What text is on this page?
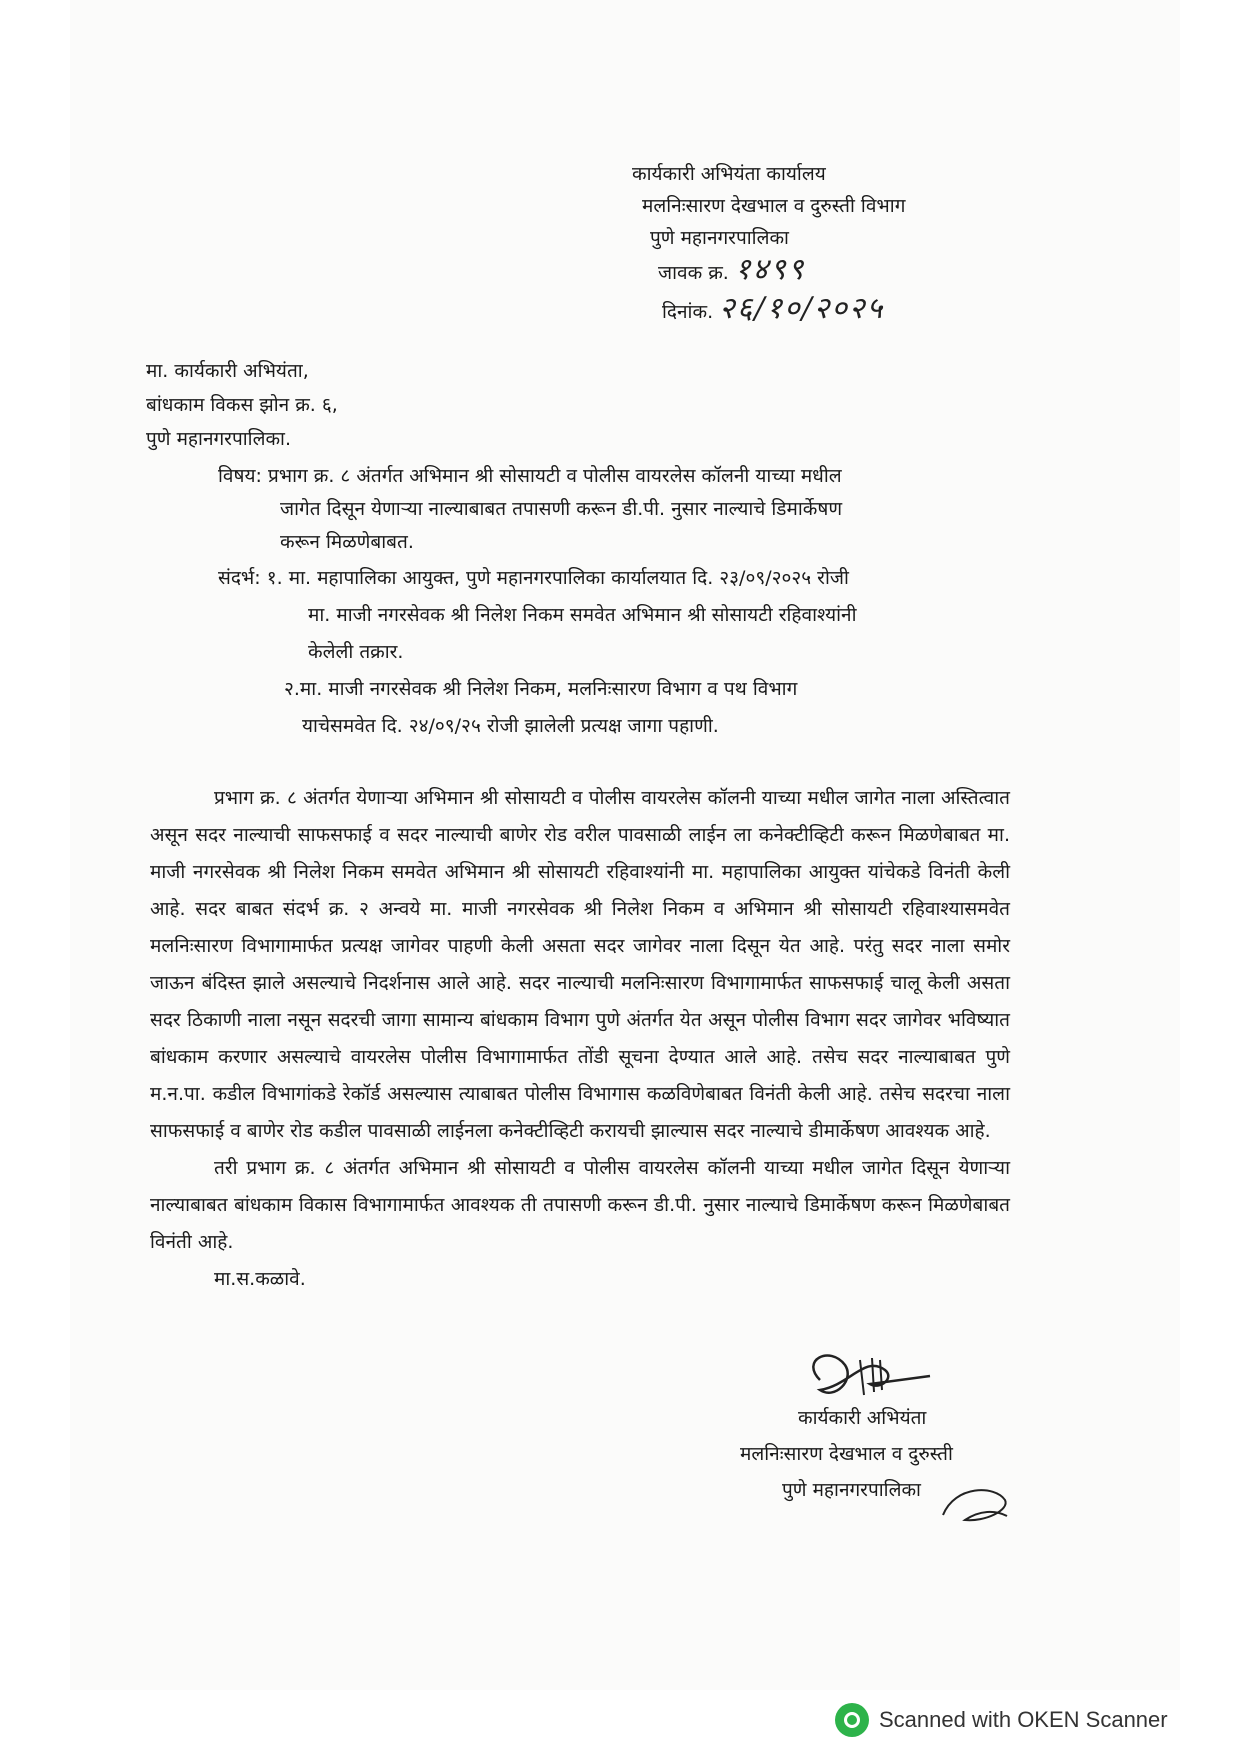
कार्यकारी अभियंता कार्यालय
मलनिःसारण देखभाल व दुरुस्ती विभाग
पुणे महानगरपालिका
जावक क्र. १४९९
दिनांक. २६/१०/२०२५
मा. कार्यकारी अभियंता,
बांधकाम विकस झोन क्र. ६,
पुणे महानगरपालिका.
विषय: प्रभाग क्र. ८ अंतर्गत अभिमान श्री सोसायटी व पोलीस वायरलेस कॉलनी याच्या मधील
जागेत दिसून येणाऱ्या नाल्याबाबत तपासणी करून डी.पी. नुसार नाल्याचे डिमार्केषण
करून मिळणेबाबत.
संदर्भ: १. मा. महापालिका आयुक्त, पुणे महानगरपालिका कार्यालयात दि. २३/०९/२०२५ रोजी
मा. माजी नगरसेवक श्री निलेश निकम समवेत अभिमान श्री सोसायटी रहिवाश्यांनी
केलेली तक्रार.
२.मा. माजी नगरसेवक श्री निलेश निकम, मलनिःसारण विभाग व पथ विभाग
याचेसमवेत दि. २४/०९/२५ रोजी झालेली प्रत्यक्ष जागा पहाणी.

प्रभाग क्र. ८ अंतर्गत येणाऱ्या अभिमान श्री सोसायटी व पोलीस वायरलेस कॉलनी याच्या मधील जागेत नाला अस्तित्वात असून सदर नाल्याची साफसफाई व सदर नाल्याची बाणेर रोड वरील पावसाळी लाईन ला कनेक्टीव्हिटी करून मिळणेबाबत मा. माजी नगरसेवक श्री निलेश निकम समवेत अभिमान श्री सोसायटी रहिवाश्यांनी मा. महापालिका आयुक्त यांचेकडे विनंती केली आहे. सदर बाबत संदर्भ क्र. २ अन्वये मा. माजी नगरसेवक श्री निलेश निकम व अभिमान श्री सोसायटी रहिवाश्यासमवेत मलनिःसारण विभागामार्फत प्रत्यक्ष जागेवर पाहणी केली असता सदर जागेवर नाला दिसून येत आहे. परंतु सदर नाला समोर जाऊन बंदिस्त झाले असल्याचे निदर्शनास आले आहे. सदर नाल्याची मलनिःसारण विभागामार्फत साफसफाई चालू केली असता सदर ठिकाणी नाला नसून सदरची जागा सामान्य बांधकाम विभाग पुणे अंतर्गत येत असून पोलीस विभाग सदर जागेवर भविष्यात बांधकाम करणार असल्याचे वायरलेस पोलीस विभागामार्फत तोंडी सूचना देण्यात आले आहे. तसेच सदर नाल्याबाबत पुणे म.न.पा. कडील विभागांकडे रेकॉर्ड असल्यास त्याबाबत पोलीस विभागास कळविणेबाबत विनंती केली आहे. तसेच सदरचा नाला साफसफाई व बाणेर रोड कडील पावसाळी लाईनला कनेक्टीव्हिटी करायची झाल्यास सदर नाल्याचे डीमार्केषण आवश्यक आहे.

तरी प्रभाग क्र. ८ अंतर्गत अभिमान श्री सोसायटी व पोलीस वायरलेस कॉलनी याच्या मधील जागेत दिसून येणाऱ्या नाल्याबाबत बांधकाम विकास विभागामार्फत आवश्यक ती तपासणी करून डी.पी. नुसार नाल्याचे डिमार्केषण करून मिळणेबाबत विनंती आहे.

मा.स.कळावे.
कार्यकारी अभियंता
मलनिःसारण देखभाल व दुरुस्ती
पुणे महानगरपालिका
Scanned with OKEN Scanner
